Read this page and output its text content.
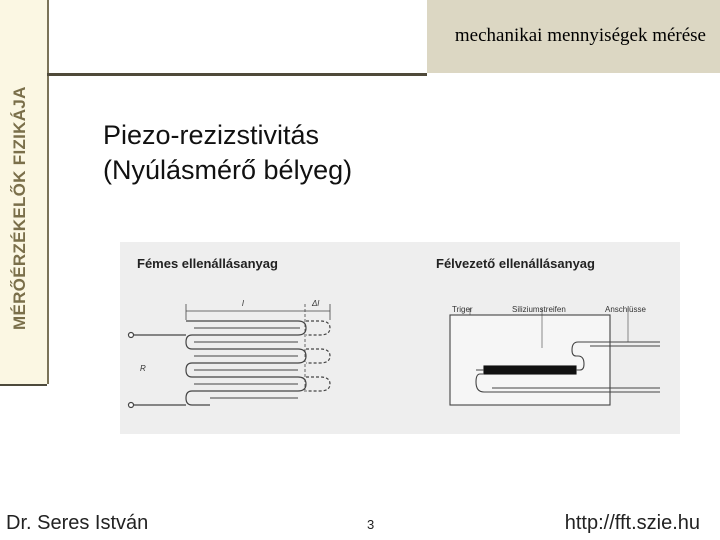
MÉRŐÉRZÉKELŐK FIZIKÁJA
mechanikai mennyiségek mérése
Piezo-rezizstivitás
(Nyúlásmérő bélyeg)
Fémes ellenállásanyag	Félvezető ellenállásanyag
l	Δl
R
Triger	Siliziumstreifen	Anschlüsse
Dr. Seres István	3	http://fft.szie.hu
